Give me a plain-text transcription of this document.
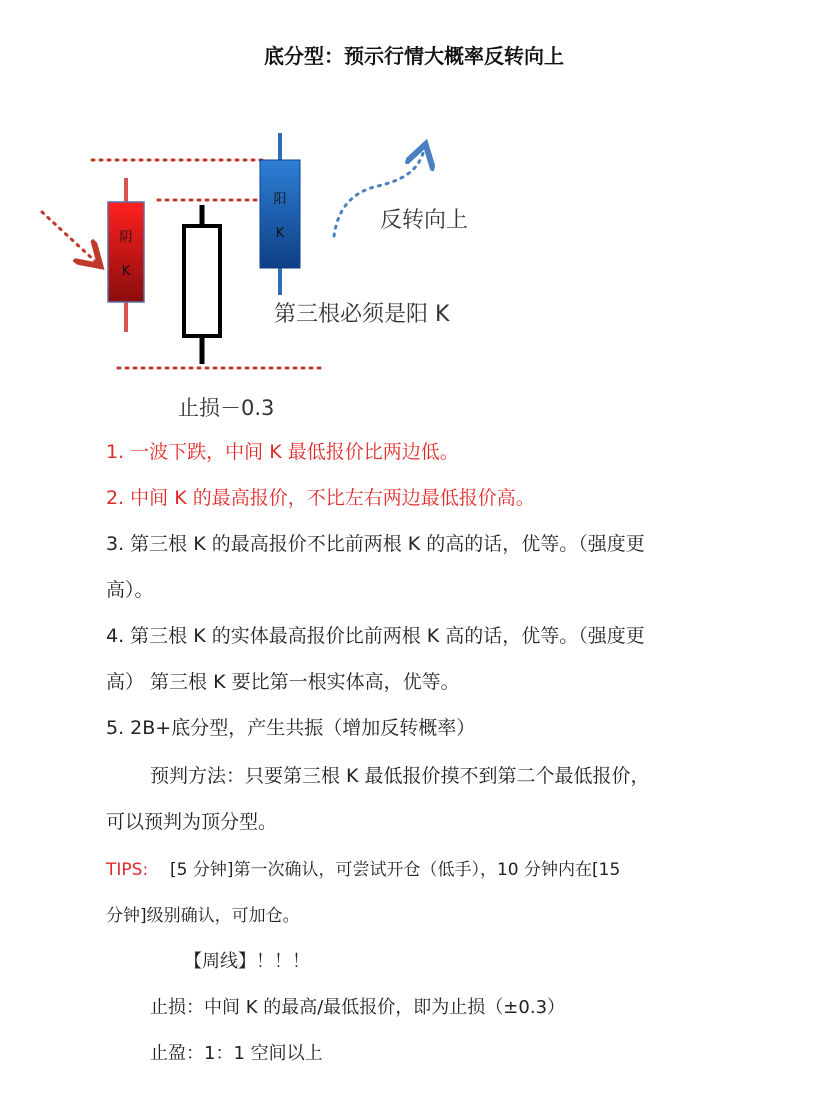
底分型：预示行情大概率反转向上
阴
K
阳
K
反转向上
第三根必须是阳 K
止损－0.3
1. 一波下跌，中间 K 最低报价比两边低。
2. 中间 K 的最高报价，不比左右两边最低报价高。
3. 第三根 K 的最高报价不比前两根 K 的高的话，优等。（强度更
高）。
4. 第三根 K 的实体最高报价比前两根 K 高的话，优等。（强度更
高） 第三根 K 要比第一根实体高，优等。
5. 2B+底分型，产生共振（增加反转概率）
预判方法：只要第三根 K 最低报价摸不到第二个最低报价，
可以预判为顶分型。
TIPS: [5 分钟]第一次确认，可尝试开仓（低手），10 分钟内在[15
分钟]级别确认，可加仓。
【周线】！！！
止损：中间 K 的最高/最低报价，即为止损（±0.3）
止盈：1：1 空间以上
